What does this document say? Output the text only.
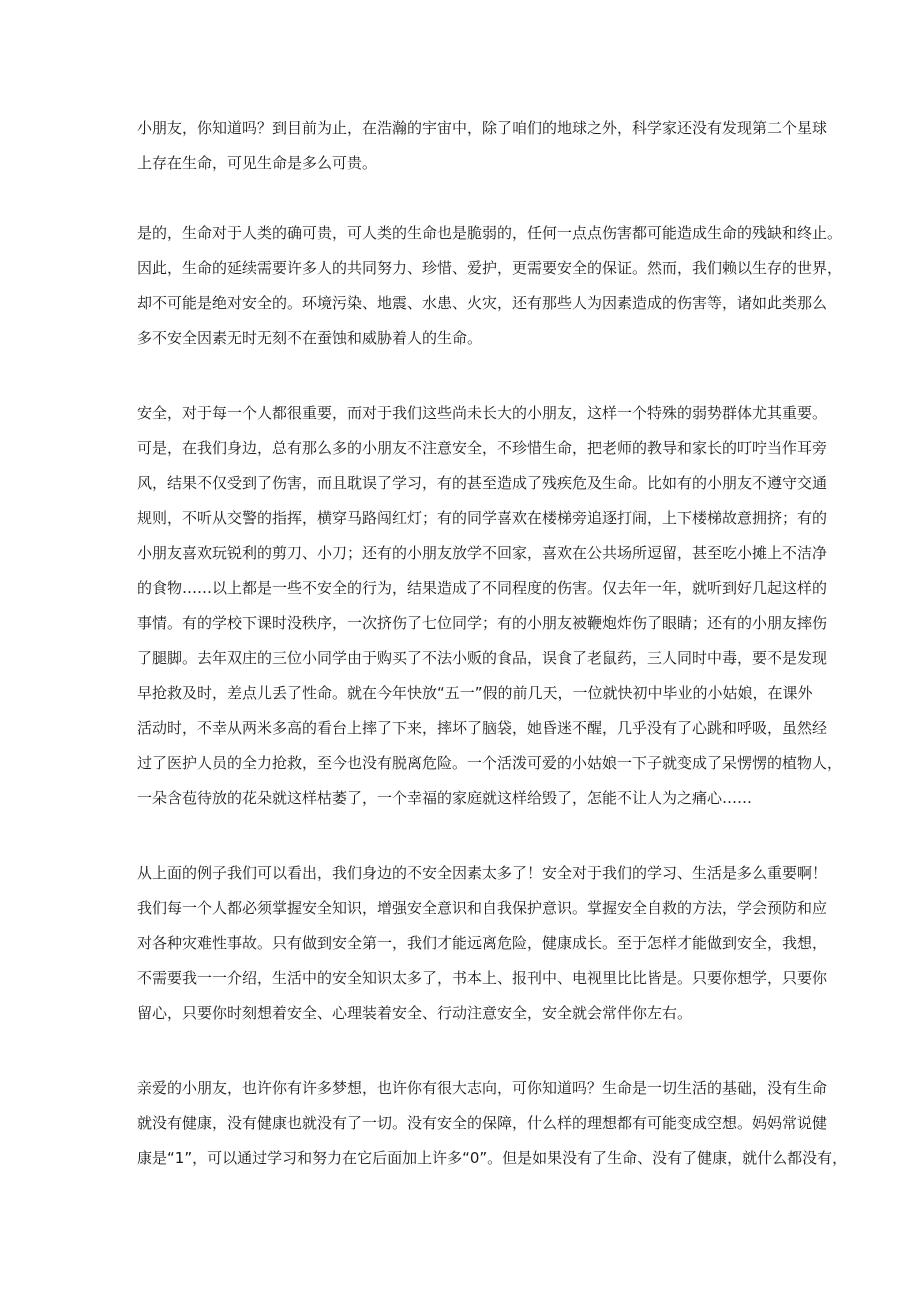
小朋友，你知道吗？到目前为止，在浩瀚的宇宙中，除了咱们的地球之外，科学家还没有发现第二个星球

上存在生命，可见生命是多么可贵。

是的，生命对于人类的确可贵，可人类的生命也是脆弱的，任何一点点伤害都可能造成生命的残缺和终止。

因此，生命的延续需要许多人的共同努力、珍惜、爱护，更需要安全的保证。然而，我们赖以生存的世界，

却不可能是绝对安全的。环境污染、地震、水患、火灾，还有那些人为因素造成的伤害等，诸如此类那么

多不安全因素无时无刻不在蚕蚀和威胁着人的生命。

安全，对于每一个人都很重要，而对于我们这些尚未长大的小朋友，这样一个特殊的弱势群体尤其重要。

可是，在我们身边，总有那么多的小朋友不注意安全，不珍惜生命，把老师的教导和家长的叮咛当作耳旁

风，结果不仅受到了伤害，而且耽误了学习，有的甚至造成了残疾危及生命。比如有的小朋友不遵守交通

规则，不听从交警的指挥，横穿马路闯红灯；有的同学喜欢在楼梯旁追逐打闹，上下楼梯故意拥挤；有的

小朋友喜欢玩锐利的剪刀、小刀；还有的小朋友放学不回家，喜欢在公共场所逗留，甚至吃小摊上不洁净

的食物……以上都是一些不安全的行为，结果造成了不同程度的伤害。仅去年一年，就听到好几起这样的

事情。有的学校下课时没秩序，一次挤伤了七位同学；有的小朋友被鞭炮炸伤了眼睛；还有的小朋友摔伤

了腿脚。去年双庄的三位小同学由于购买了不法小贩的食品，误食了老鼠药，三人同时中毒，要不是发现

早抢救及时，差点儿丢了性命。就在今年快放“五一”假的前几天，一位就快初中毕业的小姑娘，在课外

活动时，不幸从两米多高的看台上摔了下来，摔坏了脑袋，她昏迷不醒，几乎没有了心跳和呼吸，虽然经

过了医护人员的全力抢救，至今也没有脱离危险。一个活泼可爱的小姑娘一下子就变成了呆愣愣的植物人，

一朵含苞待放的花朵就这样枯萎了，一个幸福的家庭就这样给毁了，怎能不让人为之痛心……

从上面的例子我们可以看出，我们身边的不安全因素太多了！安全对于我们的学习、生活是多么重要啊！

我们每一个人都必须掌握安全知识，增强安全意识和自我保护意识。掌握安全自救的方法，学会预防和应

对各种灾难性事故。只有做到安全第一，我们才能远离危险，健康成长。至于怎样才能做到安全，我想，

不需要我一一介绍，生活中的安全知识太多了，书本上、报刊中、电视里比比皆是。只要你想学，只要你

留心，只要你时刻想着安全、心理装着安全、行动注意安全，安全就会常伴你左右。

亲爱的小朋友，也许你有许多梦想，也许你有很大志向，可你知道吗？生命是一切生活的基础，没有生命

就没有健康，没有健康也就没有了一切。没有安全的保障，什么样的理想都有可能变成空想。妈妈常说健

康是“1”，可以通过学习和努力在它后面加上许多“0”。但是如果没有了生命、没有了健康，就什么都没有，
